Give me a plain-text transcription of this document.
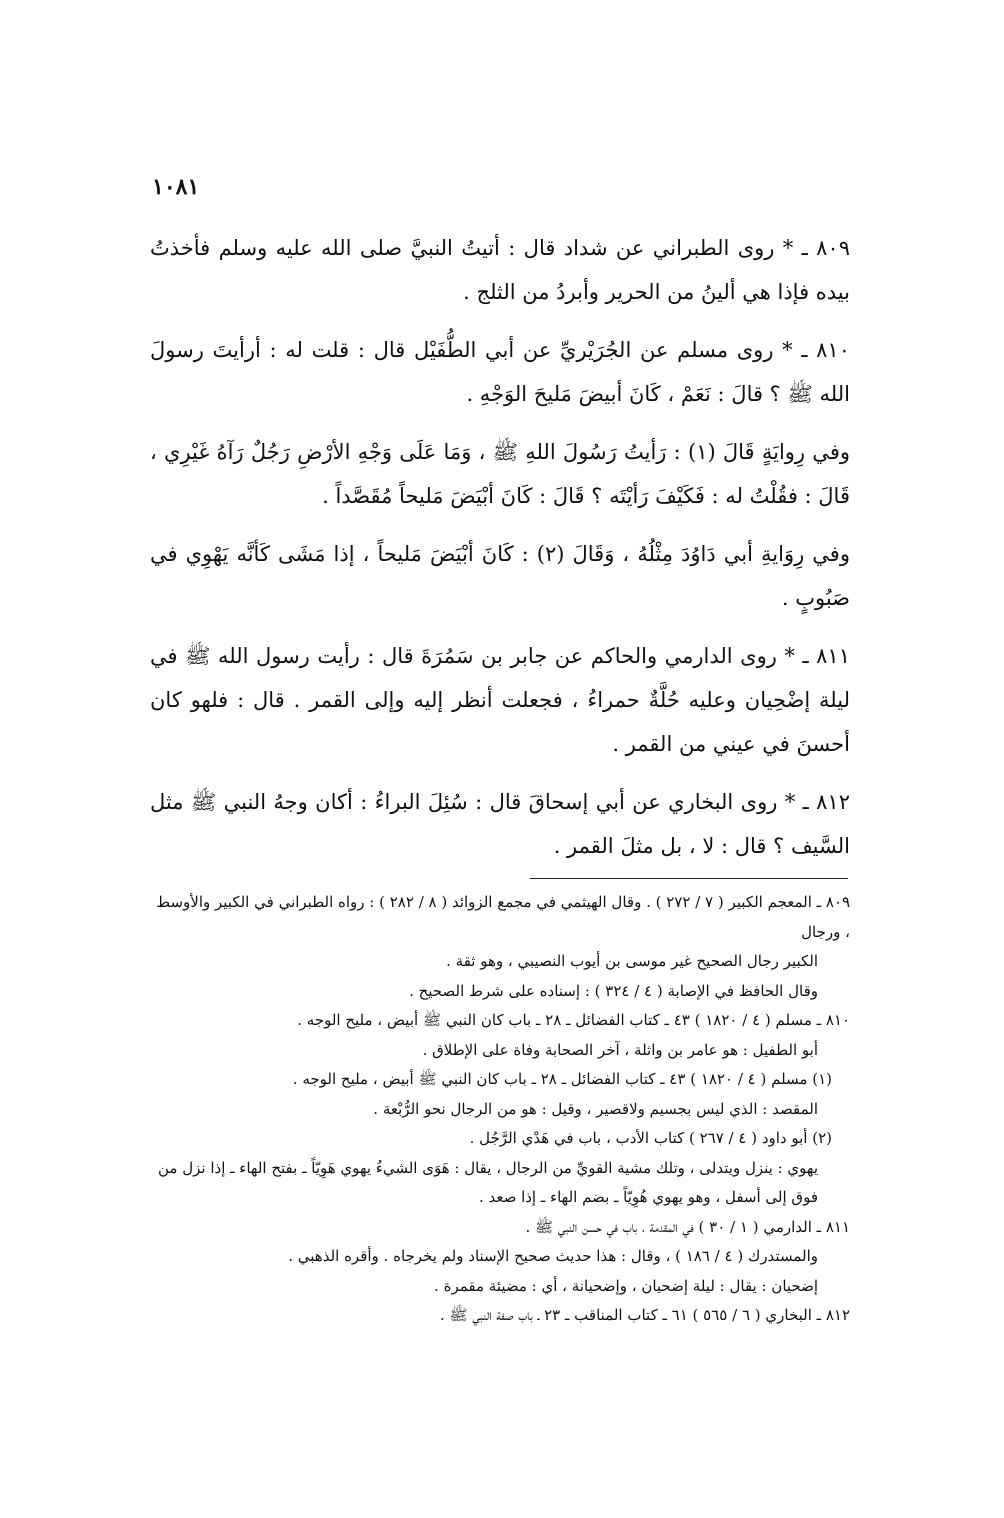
١٠٨١

٨٠٩ ـ * روى الطبراني عن شداد قال : أتيتُ النبيَّ صلى الله عليه وسلم فأخذتُ بيده فإذا هي ألينُ من الحرير وأبردُ من الثلج .

٨١٠ ـ * روى مسلم عن الجُرَيْريِّ عن أبي الطُّفَيْل قال : قلت له : أرأيتَ رسولَ الله ﷺ ؟ قالَ : نَعَمْ ، كَانَ أبيضَ مَليحَ الوَجْهِ .

وفي رِوايَةٍ قَالَ (١) : رَأيتُ رَسُولَ اللهِ ﷺ ، وَمَا عَلَى وَجْهِ الأرْضِ رَجُلٌ رَآهُ غَيْرِي ، قَالَ : فقُلْتُ له : فَكَيْفَ رَأيْتَه ؟ قَالَ : كَانَ أبْيَضَ مَليحاً مُقَصَّداً .

وفي رِوَايةِ أبي دَاوُدَ مِثْلُهُ ، وَقَالَ (٢) : كَانَ أبْيَضَ مَليحاً ، إذا مَشَى كَأنَّه يَهْوِي في صَبُوبٍ .

٨١١ ـ * روى الدارمي والحاكم عن جابر بن سَمُرَةَ قال : رأيت رسول الله ﷺ في ليلة إضْحِيان وعليه حُلَّةٌ حمراءُ ، فجعلت أنظر إليه وإلى القمر . قال : فلهو كان أحسنَ في عيني من القمر .

٨١٢ ـ * روى البخاري عن أبي إسحاقَ قال : سُئِلَ البراءُ : أكان وجهُ النبي ﷺ مثل السَّيف ؟ قال : لا ، بل مثلَ القمر .

٨٠٩ ـ المعجم الكبير ( ٧ / ٢٧٢ ) . وقال الهيثمي في مجمع الزوائد ( ٨ / ٢٨٢ ) : رواه الطبراني في الكبير والأوسط ، ورجال

الكبير رجال الصحيح غير موسى بن أيوب النصيبي ، وهو ثقة .

وقال الحافظ في الإصابة ( ٤ / ٣٢٤ ) : إسناده على شرط الصحيح .

٨١٠ ـ مسلم ( ٤ / ١٨٢٠ ) ٤٣ ـ كتاب الفضائل ـ ٢٨ ـ باب كان النبي ﷺ أبيض ، مليح الوجه .

أبو الطفيل : هو عامر بن واثلة ، آخر الصحابة وفاة على الإطلاق .

(١) مسلم ( ٤ / ١٨٢٠ ) ٤٣ ـ كتاب الفضائل ـ ٢٨ ـ باب كان النبي ﷺ أبيض ، مليح الوجه .

المقصد : الذي ليس بجسيم ولاقصير ، وقيل : هو من الرجال نحو الرُّبْعة .

(٢) أبو داود ( ٤ / ٢٦٧ ) كتاب الأدب ، باب في هَدْي الرَّجُل .

يهوي : ينزل ويتدلى ، وتلك مشية القويِّ من الرجال ، يقال : هَوَى الشيءُ يهوي هَوِيّاً ـ بفتح الهاء ـ إذا نزل من

فوق إلى أسفل ، وهو يهوي هُوِيّاً ـ بضم الهاء ـ إذا صعد .

٨١١ ـ الدارمي ( ١ / ٣٠ ) في المقدمة ، باب في حسن النبي ﷺ .

والمستدرك ( ٤ / ١٨٦ ) ، وقال : هذا حديث صحيح الإسناد ولم يخرجاه . وأقره الذهبي .

إضحيان : يقال : ليلة إضحيان ، وإضحيانة ، أي : مضيئة مقمرة .

٨١٢ ـ البخاري ( ٦ / ٥٦٥ ) ٦١ ـ كتاب المناقب ـ ٢٣ ـ باب صفة النبي ﷺ .
